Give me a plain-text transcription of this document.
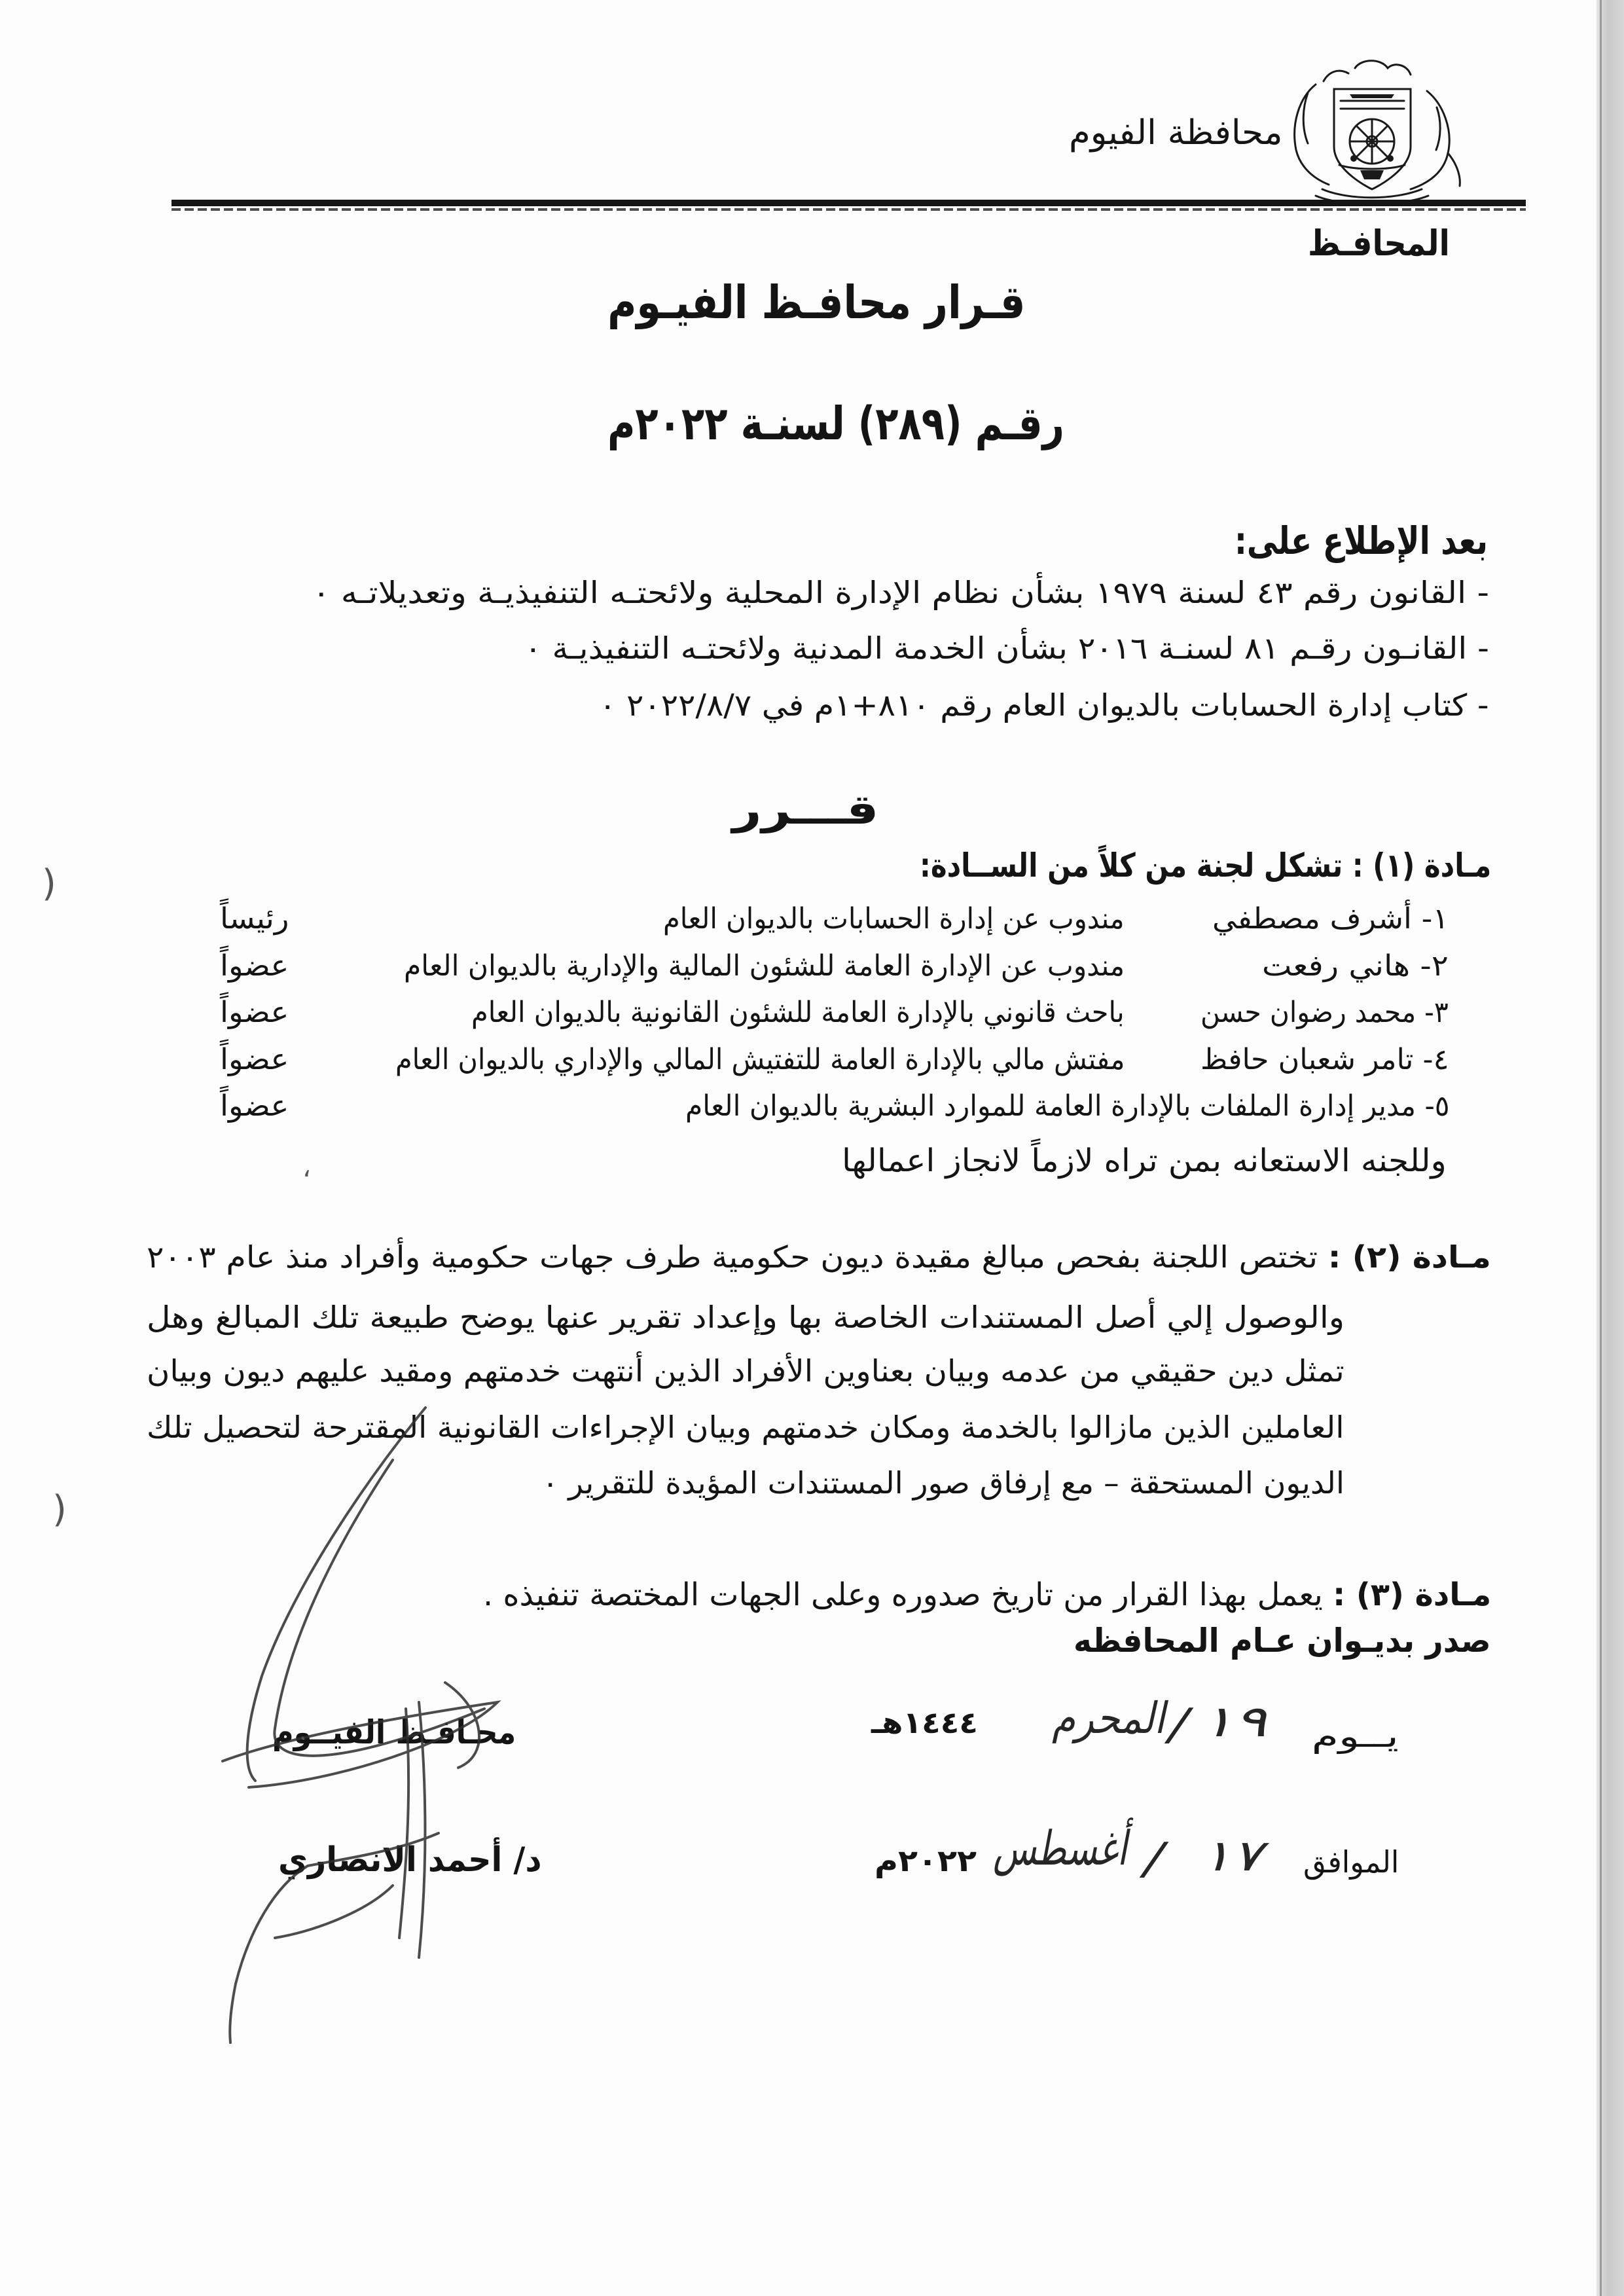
محافظة الفيوم
المحافـظ
قـرار محافـظ الفيـوم
رقـم (٢٨٩) لسنـة ٢٠٢٢م
بعد الإطلاع على:
- القانون رقم ٤٣ لسنة ١٩٧٩ بشأن نظام الإدارة المحلية ولائحتـه التنفيذيـة وتعديلاتـه ٠
- القانـون رقـم ٨١ لسنـة ٢٠١٦ بشأن الخدمة المدنية ولائحتـه التنفيذيـة ٠
- كتاب إدارة الحسابات بالديوان العام رقم ٨١٠+١م في ٢٠٢٢/٨/٧ ٠
قـــرر
مـادة (١) : تشكل لجنة من كلاً من الســادة:
)
١- أشرف مصطفي
مندوب عن إدارة الحسابات بالديوان العام
رئيساً
٢- هاني رفعت
مندوب عن الإدارة العامة للشئون المالية والإدارية بالديوان العام
عضواً
٣- محمد رضوان حسن
باحث قانوني بالإدارة العامة للشئون القانونية بالديوان العام
عضواً
٤- تامر شعبان حافظ
مفتش مالي بالإدارة العامة للتفتيش المالي والإداري بالديوان العام
عضواً
٥- مدير إدارة الملفات بالإدارة العامة للموارد البشرية بالديوان العام
عضواً
وللجنه الاستعانه بمن تراه لازماً لانجاز اعمالها
،
مـادة (٢) : تختص اللجنة بفحص مبالغ مقيدة ديون حكومية طرف جهات حكومية وأفراد منذ عام ٢٠٠٣
والوصول إلي أصل المستندات الخاصة بها وإعداد تقرير عنها يوضح طبيعة تلك المبالغ وهل
تمثل دين حقيقي من عدمه وبيان بعناوين الأفراد الذين أنتهت خدمتهم ومقيد عليهم ديون وبيان
العاملين الذين مازالوا بالخدمة ومكان خدمتهم وبيان الإجراءات القانونية المقترحة لتحصيل تلك
الديون المستحقة – مع إرفاق صور المستندات المؤيدة للتقرير ٠
)
مـادة (٣) : يعمل بهذا القرار من تاريخ صدوره وعلى الجهات المختصة تنفيذه .
صدر بديـوان عـام المحافظه
يــوم
١٩
/
المحرم
١٤٤٤هـ
الموافق
١٧
/
أغسطس
٢٠٢٢م
محـافـظ الفيــوم
د/ أحمد الانصاري
